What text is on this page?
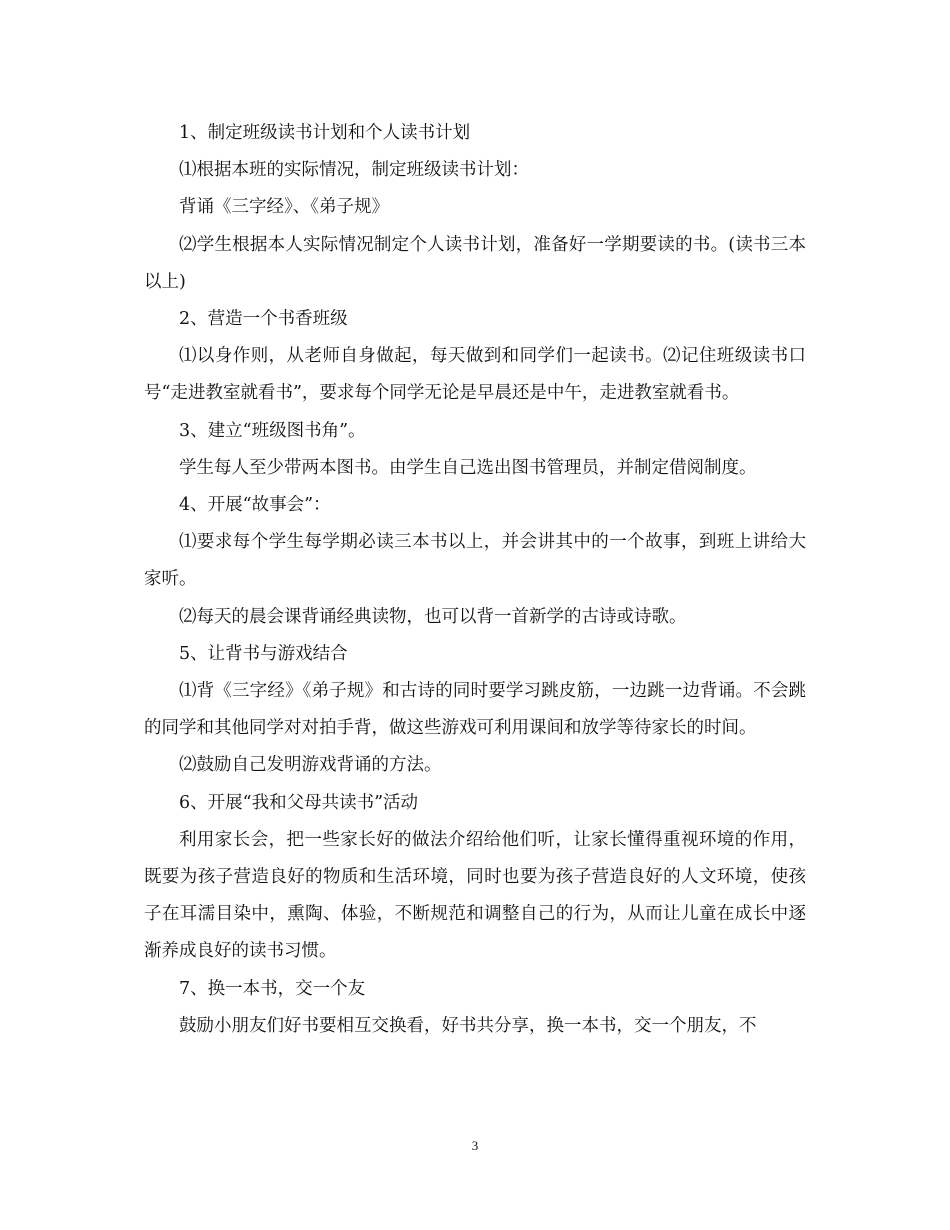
1、制定班级读书计划和个人读书计划

⑴根据本班的实际情况，制定班级读书计划：

背诵《三字经》、《弟子规》

⑵学生根据本人实际情况制定个人读书计划，准备好一学期要读的书。(读书三本以上)

2、营造一个书香班级

⑴以身作则，从老师自身做起，每天做到和同学们一起读书。⑵记住班级读书口号“走进教室就看书”，要求每个同学无论是早晨还是中午，走进教室就看书。

3、建立“班级图书角”。

学生每人至少带两本图书。由学生自己选出图书管理员，并制定借阅制度。

4、开展“故事会”：

⑴要求每个学生每学期必读三本书以上，并会讲其中的一个故事，到班上讲给大家听。

⑵每天的晨会课背诵经典读物，也可以背一首新学的古诗或诗歌。

5、让背书与游戏结合

⑴背《三字经》《弟子规》和古诗的同时要学习跳皮筋，一边跳一边背诵。不会跳的同学和其他同学对对拍手背，做这些游戏可利用课间和放学等待家长的时间。

⑵鼓励自己发明游戏背诵的方法。

6、开展“我和父母共读书”活动

利用家长会，把一些家长好的做法介绍给他们听，让家长懂得重视环境的作用，既要为孩子营造良好的物质和生活环境，同时也要为孩子营造良好的人文环境，使孩子在耳濡目染中，熏陶、体验，不断规范和调整自己的行为，从而让儿童在成长中逐渐养成良好的读书习惯。

7、换一本书，交一个友

鼓励小朋友们好书要相互交换看，好书共分享，换一本书，交一个朋友，不

3
